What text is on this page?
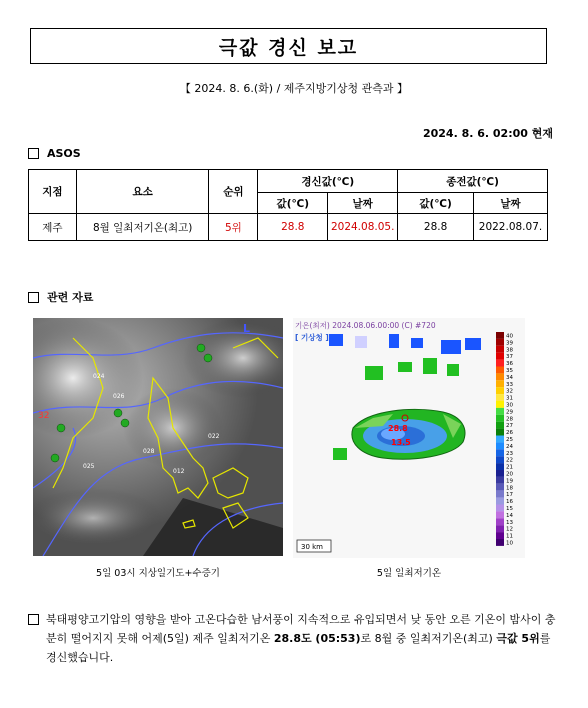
극값 경신 보고
【 2024. 8. 6.(화) / 제주지방기상청 관측과 】
2024. 8. 6. 02:00 현재
ASOS
지점	요소	순위	경신값(℃)		종전값(℃)	
			값(℃)	날짜	값(℃)	날짜
제주	8월 일최저기온(최고)	5위	28.8	2024.08.05.	28.8	2022.08.07.
관련 자료
024
026
028
012
022
025
L
32
5일 03시 지상일기도+수증기
28.8
13.5
기온(최저) 2024.08.06.00:00 (C) #720
[ 기상청 ]
30 km
40
39
38
37
36
35
34
33
32
31
30
29
28
27
26
25
24
23
22
21
20
19
18
17
16
15
14
13
12
11
10
5일 일최저기온

북태평양고기압의 영향을 받아 고온다습한 남서풍이 지속적으로 유입되면서 낮 동안 오른 기온이 밤사이 충분히 떨어지지 못해 어제(5일) 제주 일최저기온 28.8도 (05:53)로 8월 중 일최저기온(최고) 극값 5위를 경신했습니다.
